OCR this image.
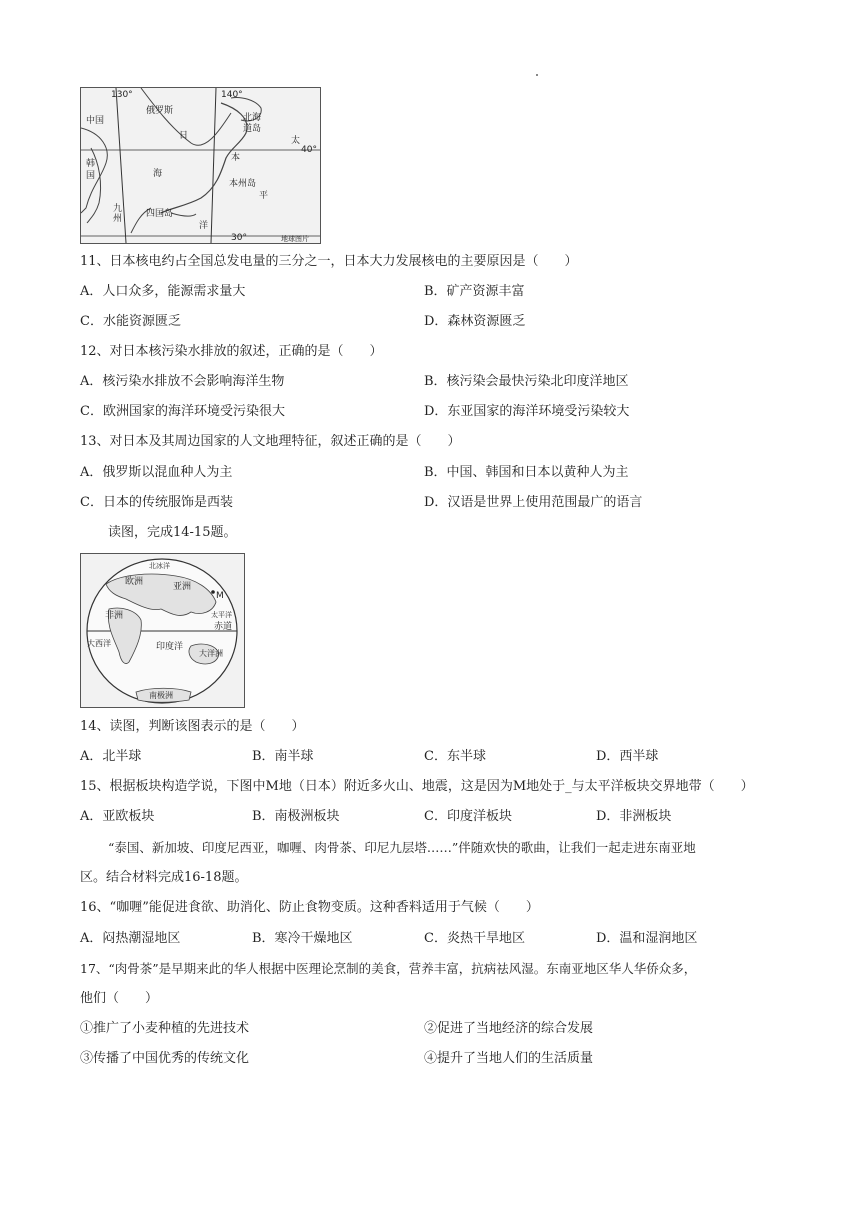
130°	140°
俄罗斯
中国	北海
道岛
日	太
40°
本
海
韩
国
本州岛
平
九
州	四国岛
洋
30°	地球图片
11、日本核电约占全国总发电量的三分之一，日本大力发展核电的主要原因是（　　）
A．人口众多，能源需求量大	B．矿产资源丰富
C．水能资源匮乏	D．森林资源匮乏
12、对日本核污染水排放的叙述，正确的是（　　）
A．核污染水排放不会影响海洋生物	B．核污染会最快污染北印度洋地区
C．欧洲国家的海洋环境受污染很大	D．东亚国家的海洋环境受污染较大
13、对日本及其周边国家的人文地理特征，叙述正确的是（　　）
A．俄罗斯以混血种人为主	B．中国、韩国和日本以黄种人为主
C．日本的传统服饰是西装	D．汉语是世界上使用范围最广的语言
读图，完成14-15题。
北冰洋
欧洲	亚洲
M
非洲	太平洋
赤道
大西洋	印度洋
大洋洲
南极洲
14、读图，判断该图表示的是（　　）
A．北半球	B．南半球	C．东半球	D．西半球
15、根据板块构造学说，下图中M地（日本）附近多火山、地震，这是因为M地处于_与太平洋板块交界地带（　　）
A．亚欧板块	B．南极洲板块	C．印度洋板块	D．非洲板块
“泰国、新加坡、印度尼西亚，咖喱、肉骨茶、印尼九层塔……”伴随欢快的歌曲，让我们一起走进东南亚地
区。结合材料完成16-18题。
16、“咖喱”能促进食欲、助消化、防止食物变质。这种香料适用于气候（　　）
A．闷热潮湿地区	B．寒冷干燥地区	C．炎热干旱地区	D．温和湿润地区
17、“肉骨茶”是早期来此的华人根据中医理论烹制的美食，营养丰富，抗病祛风湿。东南亚地区华人华侨众多，
他们（　　）
①推广了小麦种植的先进技术	②促进了当地经济的综合发展
③传播了中国优秀的传统文化	④提升了当地人们的生活质量
